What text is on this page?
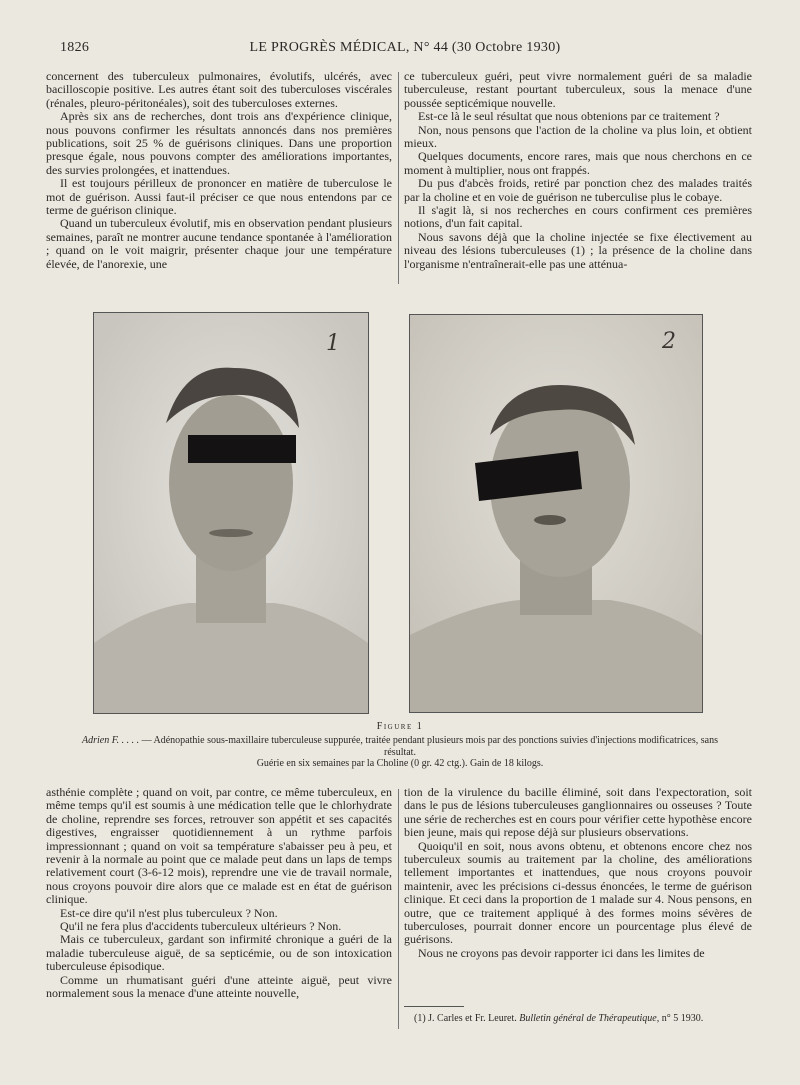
1826	LE PROGRÈS MÉDICAL, N° 44 (30 Octobre 1930)

concernent des tuberculeux pulmonaires, évolutifs, ulcérés, avec bacilloscopie positive. Les autres étant soit des tuberculoses viscérales (rénales, pleuro-péritonéales), soit des tuberculoses externes.

Après six ans de recherches, dont trois ans d'expérience clinique, nous pouvons confirmer les résultats annoncés dans nos premières publications, soit 25 % de guérisons cliniques. Dans une proportion presque égale, nous pouvons compter des améliorations importantes, des survies prolongées, et inattendues.

Il est toujours périlleux de prononcer en matière de tuberculose le mot de guérison. Aussi faut-il préciser ce que nous entendons par ce terme de guérison clinique.

Quand un tuberculeux évolutif, mis en observation pendant plusieurs semaines, paraît ne montrer aucune tendance spontanée à l'amélioration ; quand on le voit maigrir, présenter chaque jour une température élevée, de l'anorexie, une

ce tuberculeux guéri, peut vivre normalement guéri de sa maladie tuberculeuse, restant pourtant tuberculeux, sous la menace d'une poussée septicémique nouvelle.

Est-ce là le seul résultat que nous obtenions par ce traitement ?

Non, nous pensons que l'action de la choline va plus loin, et obtient mieux.

Quelques documents, encore rares, mais que nous cherchons en ce moment à multiplier, nous ont frappés.

Du pus d'abcès froids, retiré par ponction chez des malades traités par la choline et en voie de guérison ne tuberculise plus le cobaye.

Il s'agit là, si nos recherches en cours confirment ces premières notions, d'un fait capital.

Nous savons déjà que la choline injectée se fixe électivement au niveau des lésions tuberculeuses (1) ; la présence de la choline dans l'organisme n'entraînerait-elle pas une atténua-

1	2
Figure 1
Adrien F. . . . . — Adénopathie sous-maxillaire tuberculeuse suppurée, traitée pendant plusieurs mois par des ponctions suivies d'injections modificatrices, sans résultat.
Guérie en six semaines par la Choline (0 gr. 42 ctg.). Gain de 18 kilogs.

asthénie complète ; quand on voit, par contre, ce même tuberculeux, en même temps qu'il est soumis à une médication telle que le chlorhydrate de choline, reprendre ses forces, retrouver son appétit et ses capacités digestives, engraisser quotidiennement à un rythme parfois impressionnant ; quand on voit sa température s'abaisser peu à peu, et revenir à la normale au point que ce malade peut dans un laps de temps relativement court (3-6-12 mois), reprendre une vie de travail normale, nous croyons pouvoir dire alors que ce malade est en état de guérison clinique.

Est-ce dire qu'il n'est plus tuberculeux ? Non.

Qu'il ne fera plus d'accidents tuberculeux ultérieurs ? Non.

Mais ce tuberculeux, gardant son infirmité chronique a guéri de la maladie tuberculeuse aiguë, de sa septicémie, ou de son intoxication tuberculeuse épisodique.

Comme un rhumatisant guéri d'une atteinte aiguë, peut vivre normalement sous la menace d'une atteinte nouvelle,

tion de la virulence du bacille éliminé, soit dans l'expectoration, soit dans le pus de lésions tuberculeuses ganglionnaires ou osseuses ? Toute une série de recherches est en cours pour vérifier cette hypothèse encore bien jeune, mais qui repose déjà sur plusieurs observations.

Quoiqu'il en soit, nous avons obtenu, et obtenons encore chez nos tuberculeux soumis au traitement par la choline, des améliorations tellement importantes et inattendues, que nous croyons pouvoir maintenir, avec les précisions ci-dessus énoncées, le terme de guérison clinique. Et ceci dans la proportion de 1 malade sur 4. Nous pensons, en outre, que ce traitement appliqué à des formes moins sévères de tuberculoses, pourrait donner encore un pourcentage plus élevé de guérisons.

Nous ne croyons pas devoir rapporter ici dans les limites de

(1) J. Carles et Fr. Leuret. Bulletin général de Thérapeutique, n° 5 1930.
